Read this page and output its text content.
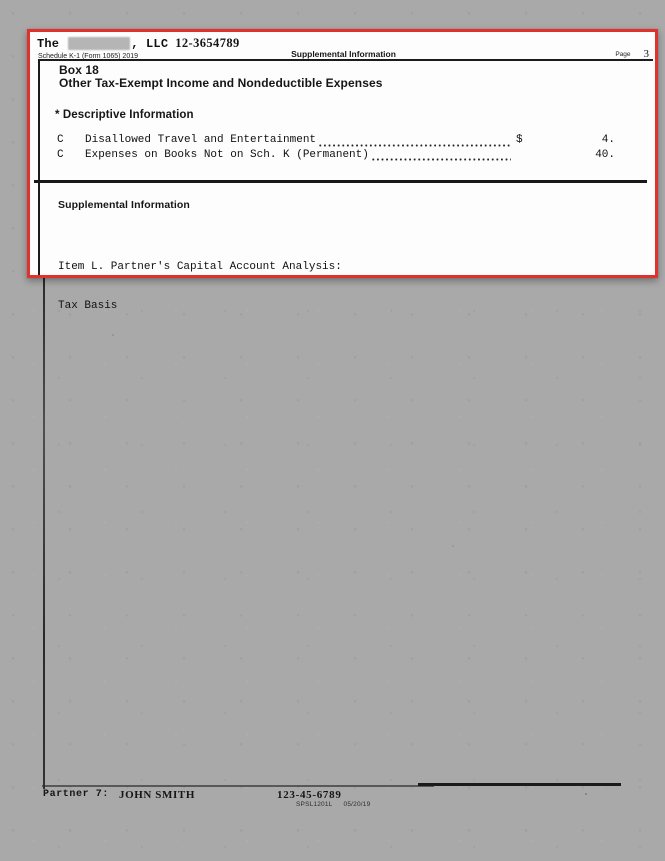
Partner 7: JOHN SMITH	123-45-6789
SPSL1201L 05/20/19
The	, LLC 12-3654789
Schedule K-1 (Form 1065) 2019	Supplemental Information	Page 3
Box 18
Other Tax-Exempt Income and Nondeductible Expenses
* Descriptive Information
C	Disallowed Travel and Entertainment	$	4.
C	Expenses on Books Not on Sch. K (Permanent)	40.
Supplemental Information

Item L. Partner's Capital Account Analysis:

Tax Basis
